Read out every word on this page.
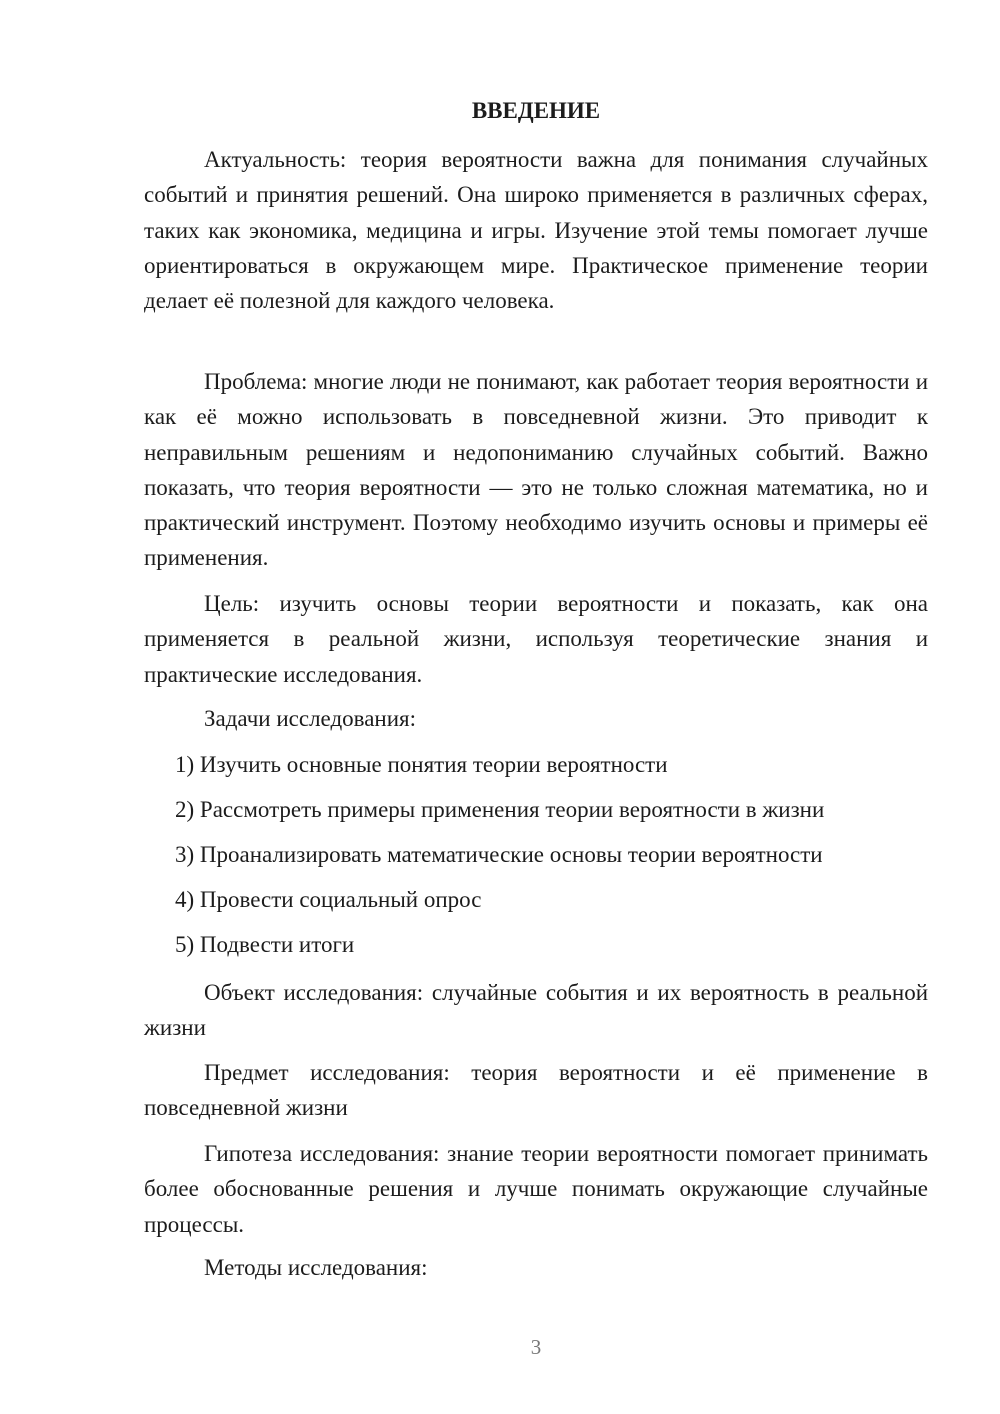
ВВЕДЕНИЕ

Актуальность: теория вероятности важна для понимания случайных событий и принятия решений. Она широко применяется в различных сферах, таких как экономика, медицина и игры. Изучение этой темы помогает лучше ориентироваться в окружающем мире. Практическое применение теории делает её полезной для каждого человека.

Проблема: многие люди не понимают, как работает теория вероятности и как её можно использовать в повседневной жизни. Это приводит к неправильным решениям и недопониманию случайных событий. Важно показать, что теория вероятности — это не только сложная математика, но и практический инструмент. Поэтому необходимо изучить основы и примеры её применения.

Цель: изучить основы теории вероятности и показать, как она применяется в реальной жизни, используя теоретические знания и практические исследования.

Задачи исследования:
1) Изучить основные понятия теории вероятности
2) Рассмотреть примеры применения теории вероятности в жизни
3) Проанализировать математические основы теории вероятности
4) Провести социальный опрос
5) Подвести итоги

Объект исследования: случайные события и их вероятность в реальной жизни

Предмет исследования: теория вероятности и её применение в повседневной жизни

Гипотеза исследования: знание теории вероятности помогает принимать более обоснованные решения и лучше понимать окружающие случайные процессы.

Методы исследования:
3
